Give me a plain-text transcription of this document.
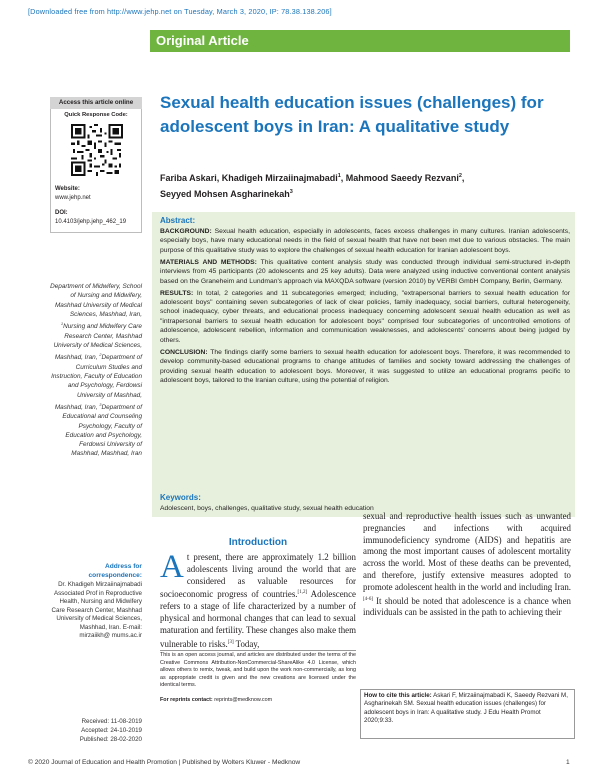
[Downloaded free from http://www.jehp.net on Tuesday, March 3, 2020, IP: 78.38.138.206]
Original Article
Access this article online
Quick Response Code:
Website:
www.jehp.net
DOI:
10.4103/jehp.jehp_462_19
Sexual health education issues (challenges) for adolescent boys in Iran: A qualitative study
Fariba Askari, Khadigeh Mirzaiinajmabadi$^1$, Mahmood Saeedy Rezvani$^2$,
Seyyed Mohsen Asgharinekah$^3$
Abstract:

BACKGROUND: Sexual health education, especially in adolescents, faces excess challenges in many cultures. Iranian adolescents, especially boys, have many educational needs in the field of sexual health that have not been met due to various obstacles. The main purpose of this qualitative study was to explore the challenges of sexual health education for Iranian adolescent boys.

MATERIALS AND METHODS: This qualitative content analysis study was conducted through individual semi-structured in-depth interviews from 45 participants (20 adolescents and 25 key adults). Data were analyzed using inductive conventional content analysis based on the Graneheim and Lundman's approach via MAXQDA software (version 2010) by VERBI GmbH Company, Berlin, Germany.

RESULTS: In total, 2 categories and 11 subcategories emerged; including, "extrapersonal barriers to sexual health education for adolescent boys" containing seven subcategories of lack of clear policies, family inadequacy, social barriers, cultural heterogeneity, school inadequacy, cyber threats, and educational process inadequacy concerning adolescent sexual health education as well as "intrapersonal barriers to sexual health education for adolescent boys" comprised four subcategories of uncontrolled emotions of adolescence, adolescent rebellion, information and communication weaknesses, and adolescents' concerns about being judged by others.

CONCLUSION: The findings clarify some barriers to sexual health education for adolescent boys. Therefore, it was recommended to develop community-based educational programs to change attitudes of families and society toward addressing the challenges of providing sexual health education to adolescent boys. Moreover, it was suggested to utilize an educational programs pecific to adolescent boys, tailored to the Iranian culture, using the potential of religion.

Keywords:
Adolescent, boys, challenges, qualitative study, sexual health education
Department of Midwifery, School of Nursing and Midwifery, Mashhad University of Medical Sciences, Mashhad, Iran, $^1$Nursing and Midwifery Care Research Center, Mashhad University of Medical Sciences, Mashhad, Iran, $^2$Department of Curriculum Studies and Instruction, Faculty of Education and Psychology, Ferdowsi University of Mashhad, Mashhad, Iran, $^3$Department of Educational and Counseling Psychology, Faculty of Education and Psychology, Ferdowsi University of Mashhad, Mashhad, Iran
Address for correspondence:
Dr. Khadigeh Mirzaiinajmabadi Associated Prof in Reproductive Health, Nursing and Midwifery Care Research Center, Mashhad University of Medical Sciences, Mashhad, Iran. E-mail: mirzaiikh@ mums.ac.ir
Received: 11-08-2019
Accepted: 24-10-2019
Published: 28-02-2020
Introduction
At present, there are approximately 1.2 billion adolescents living around the world that are considered as valuable resources for socioeconomic progress of countries.[1,2] Adolescence refers to a stage of life characterized by a number of physical and hormonal changes that can lead to sexual maturation and fertility. These changes also make them vulnerable to risks.[3] Today,
This is an open access journal, and articles are distributed under the terms of the Creative Commons Attribution-NonCommercial-ShareAlike 4.0 License, which allows others to remix, tweak, and build upon the work non-commercially, as long as appropriate credit is given and the new creations are licensed under the identical terms.
For reprints contact: reprints@medknow.com
sexual and reproductive health issues such as unwanted pregnancies and infections with acquired immunodeficiency syndrome (AIDS) and hepatitis are among the most important causes of adolescent mortality across the world. Most of these deaths can be prevented, and therefore, justify extensive measures adopted to promote adolescent health in the world and including Iran.[4-6] It should be noted that adolescence is a chance when individuals can be assisted in the path to achieving their
How to cite this article: Askari F, Mirzaiinajmabadi K, Saeedy Rezvani M, Asgharinekah SM. Sexual health education issues (challenges) for adolescent boys in Iran: A qualitative study. J Edu Health Promot 2020;9:33.
© 2020 Journal of Education and Health Promotion | Published by Wolters Kluwer - Medknow	1
